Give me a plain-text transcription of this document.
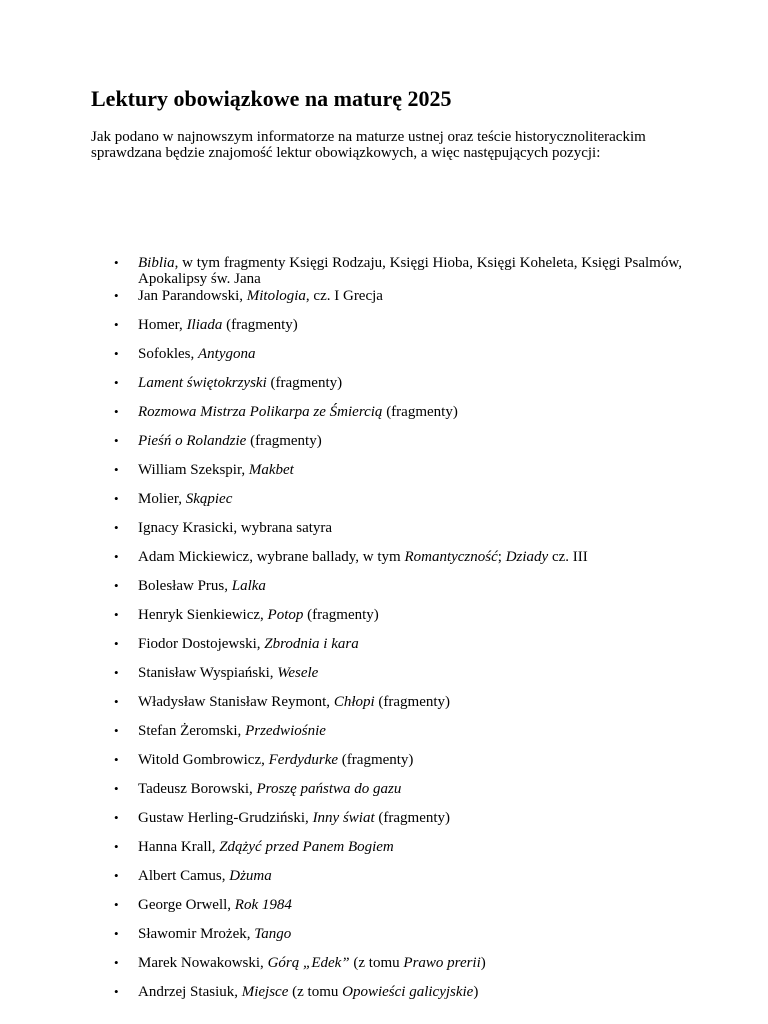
Lektury obowiązkowe na maturę 2025

Jak podano w najnowszym informatorze na maturze ustnej oraz teście historycznoliterackim sprawdzana będzie znajomość lektur obowiązkowych, a więc następujących pozycji:

• Biblia, w tym fragmenty Księgi Rodzaju, Księgi Hioba, Księgi Koheleta, Księgi Psalmów, Apokalipsy św. Jana
• Jan Parandowski, Mitologia, cz. I Grecja
• Homer, Iliada (fragmenty)
• Sofokles, Antygona
• Lament świętokrzyski (fragmenty)
• Rozmowa Mistrza Polikarpa ze Śmiercią (fragmenty)
• Pieśń o Rolandzie (fragmenty)
• William Szekspir, Makbet
• Molier, Skąpiec
• Ignacy Krasicki, wybrana satyra
• Adam Mickiewicz, wybrane ballady, w tym Romantyczność; Dziady cz. III
• Bolesław Prus, Lalka
• Henryk Sienkiewicz, Potop (fragmenty)
• Fiodor Dostojewski, Zbrodnia i kara
• Stanisław Wyspiański, Wesele
• Władysław Stanisław Reymont, Chłopi (fragmenty)
• Stefan Żeromski, Przedwiośnie
• Witold Gombrowicz, Ferdydurke (fragmenty)
• Tadeusz Borowski, Proszę państwa do gazu
• Gustaw Herling-Grudziński, Inny świat (fragmenty)
• Hanna Krall, Zdążyć przed Panem Bogiem
• Albert Camus, Dżuma
• George Orwell, Rok 1984
• Sławomir Mrożek, Tango
• Marek Nowakowski, Górą „Edek” (z tomu Prawo prerii)
• Andrzej Stasiuk, Miejsce (z tomu Opowieści galicyjskie)
